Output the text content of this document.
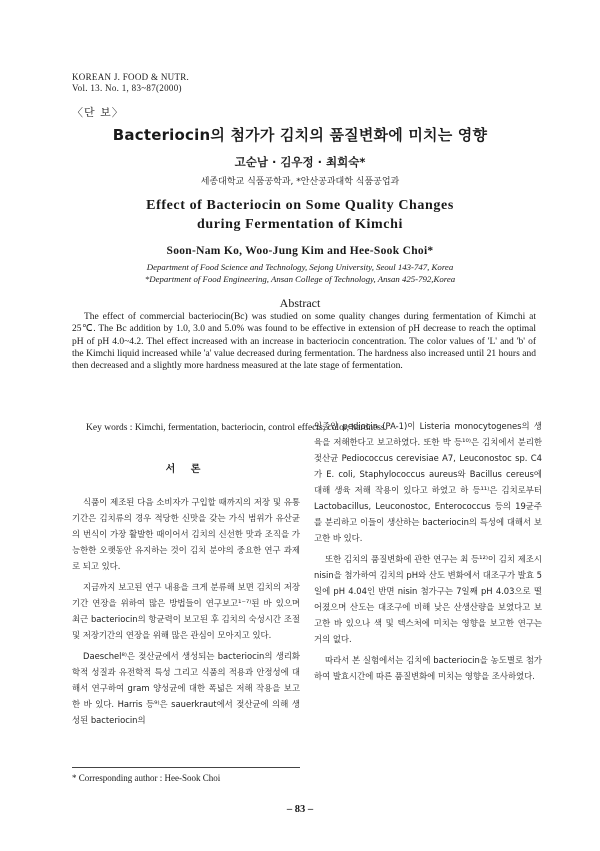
KOREAN J. FOOD & NUTR.
Vol. 13. No. 1, 83~87(2000)
〈단 보〉
Bacteriocin의 첨가가 김치의 품질변화에 미치는 영향
고순남 · 김우정 · 최희숙*
세종대학교 식품공학과, *안산공과대학 식품공업과
Effect of Bacteriocin on Some Quality Changes
during Fermentation of Kimchi
Soon-Nam Ko, Woo-Jung Kim and Hee-Sook Choi*
Department of Food Science and Technology, Sejong University, Seoul 143-747, Korea
*Department of Food Engineering, Ansan College of Technology, Ansan 425-792,Korea
Abstract

The effect of commercial bacteriocin(Bc) was studied on some quality changes during fermentation of Kimchi at 25℃. The Bc addition by 1.0, 3.0 and 5.0% was found to be effective in extension of pH decrease to reach the optimal pH of pH 4.0~4.2. Thel effect increased with an increase in bacteriocin concentration. The color values of 'L' and 'b' of the Kimchi liquid increased while 'a' value decreased during fermentation. The hardness also increased until 21 hours and then decreased and a slightly more hardness measured at the late stage of fermentation.

Key words : Kimchi, fermentation, bacteriocin, control effects, color, hardness.
서 론

식품이 제조된 다음 소비자가 구입할 때까지의 저장 및 유통 기간은 김치류의 경우 적당한 신맛을 갖는 가식 범위가 유산균의 번식이 가장 활발한 때이어서 김치의 신선한 맛과 조직을 가능한한 오랫동안 유지하는 것이 김치 분야의 중요한 연구 과제로 되고 있다.

지금까지 보고된 연구 내용을 크게 분류해 보면 김치의 저장기간 연장을 위하여 많은 방법들이 연구보고¹⁻⁷⁾된 바 있으며 최근 bacteriocin의 항균력이 보고된 후 김치의 숙성시간 조절 및 저장기간의 연장을 위해 많은 관심이 모아지고 있다.

Daeschel⁸⁾은 젖산균에서 생성되는 bacteriocin의 생리화학적 성질과 유전학적 특성 그리고 식품의 적용과 안정성에 대해서 연구하여 gram 양성균에 대한 폭넓은 저해 작용을 보고한 바 있다. Harris 등⁹⁾은 sauerkraut에서 젖산균에 의해 생성된 bacteriocin의

일종인 pediocin (PA-1)이 Listeria monocytogenes의 생육을 저해한다고 보고하였다. 또한 박 등¹⁰⁾은 김치에서 분리한 젖산균 Pediococcus cerevisiae A7, Leuconostoc sp. C4가 E. coli, Staphylococcus aureus와 Bacillus cereus에 대해 생육 저해 작용이 있다고 하였고 하 등¹¹⁾은 김치로부터 Lactobacillus, Leuconostoc, Enterococcus 등의 19균주를 분리하고 이들이 생산하는 bacteriocin의 특성에 대해서 보고한 바 있다.

또한 김치의 품질변화에 관한 연구는 최 등¹²⁾이 김치 제조시 nisin을 첨가하여 김치의 pH와 산도 변화에서 대조구가 발효 5일에 pH 4.04인 반면 nisin 첨가구는 7일째 pH 4.03으로 떨어졌으며 산도는 대조구에 비해 낮은 산생산량을 보였다고 보고한 바 있으나 색 및 텍스처에 미치는 영향을 보고한 연구는 거의 없다.

따라서 본 실험에서는 김치에 bacteriocin을 농도별로 첨가하여 발효시간에 따른 품질변화에 미치는 영향을 조사하였다.

* Corresponding author : Hee-Sook Choi
– 83 –
